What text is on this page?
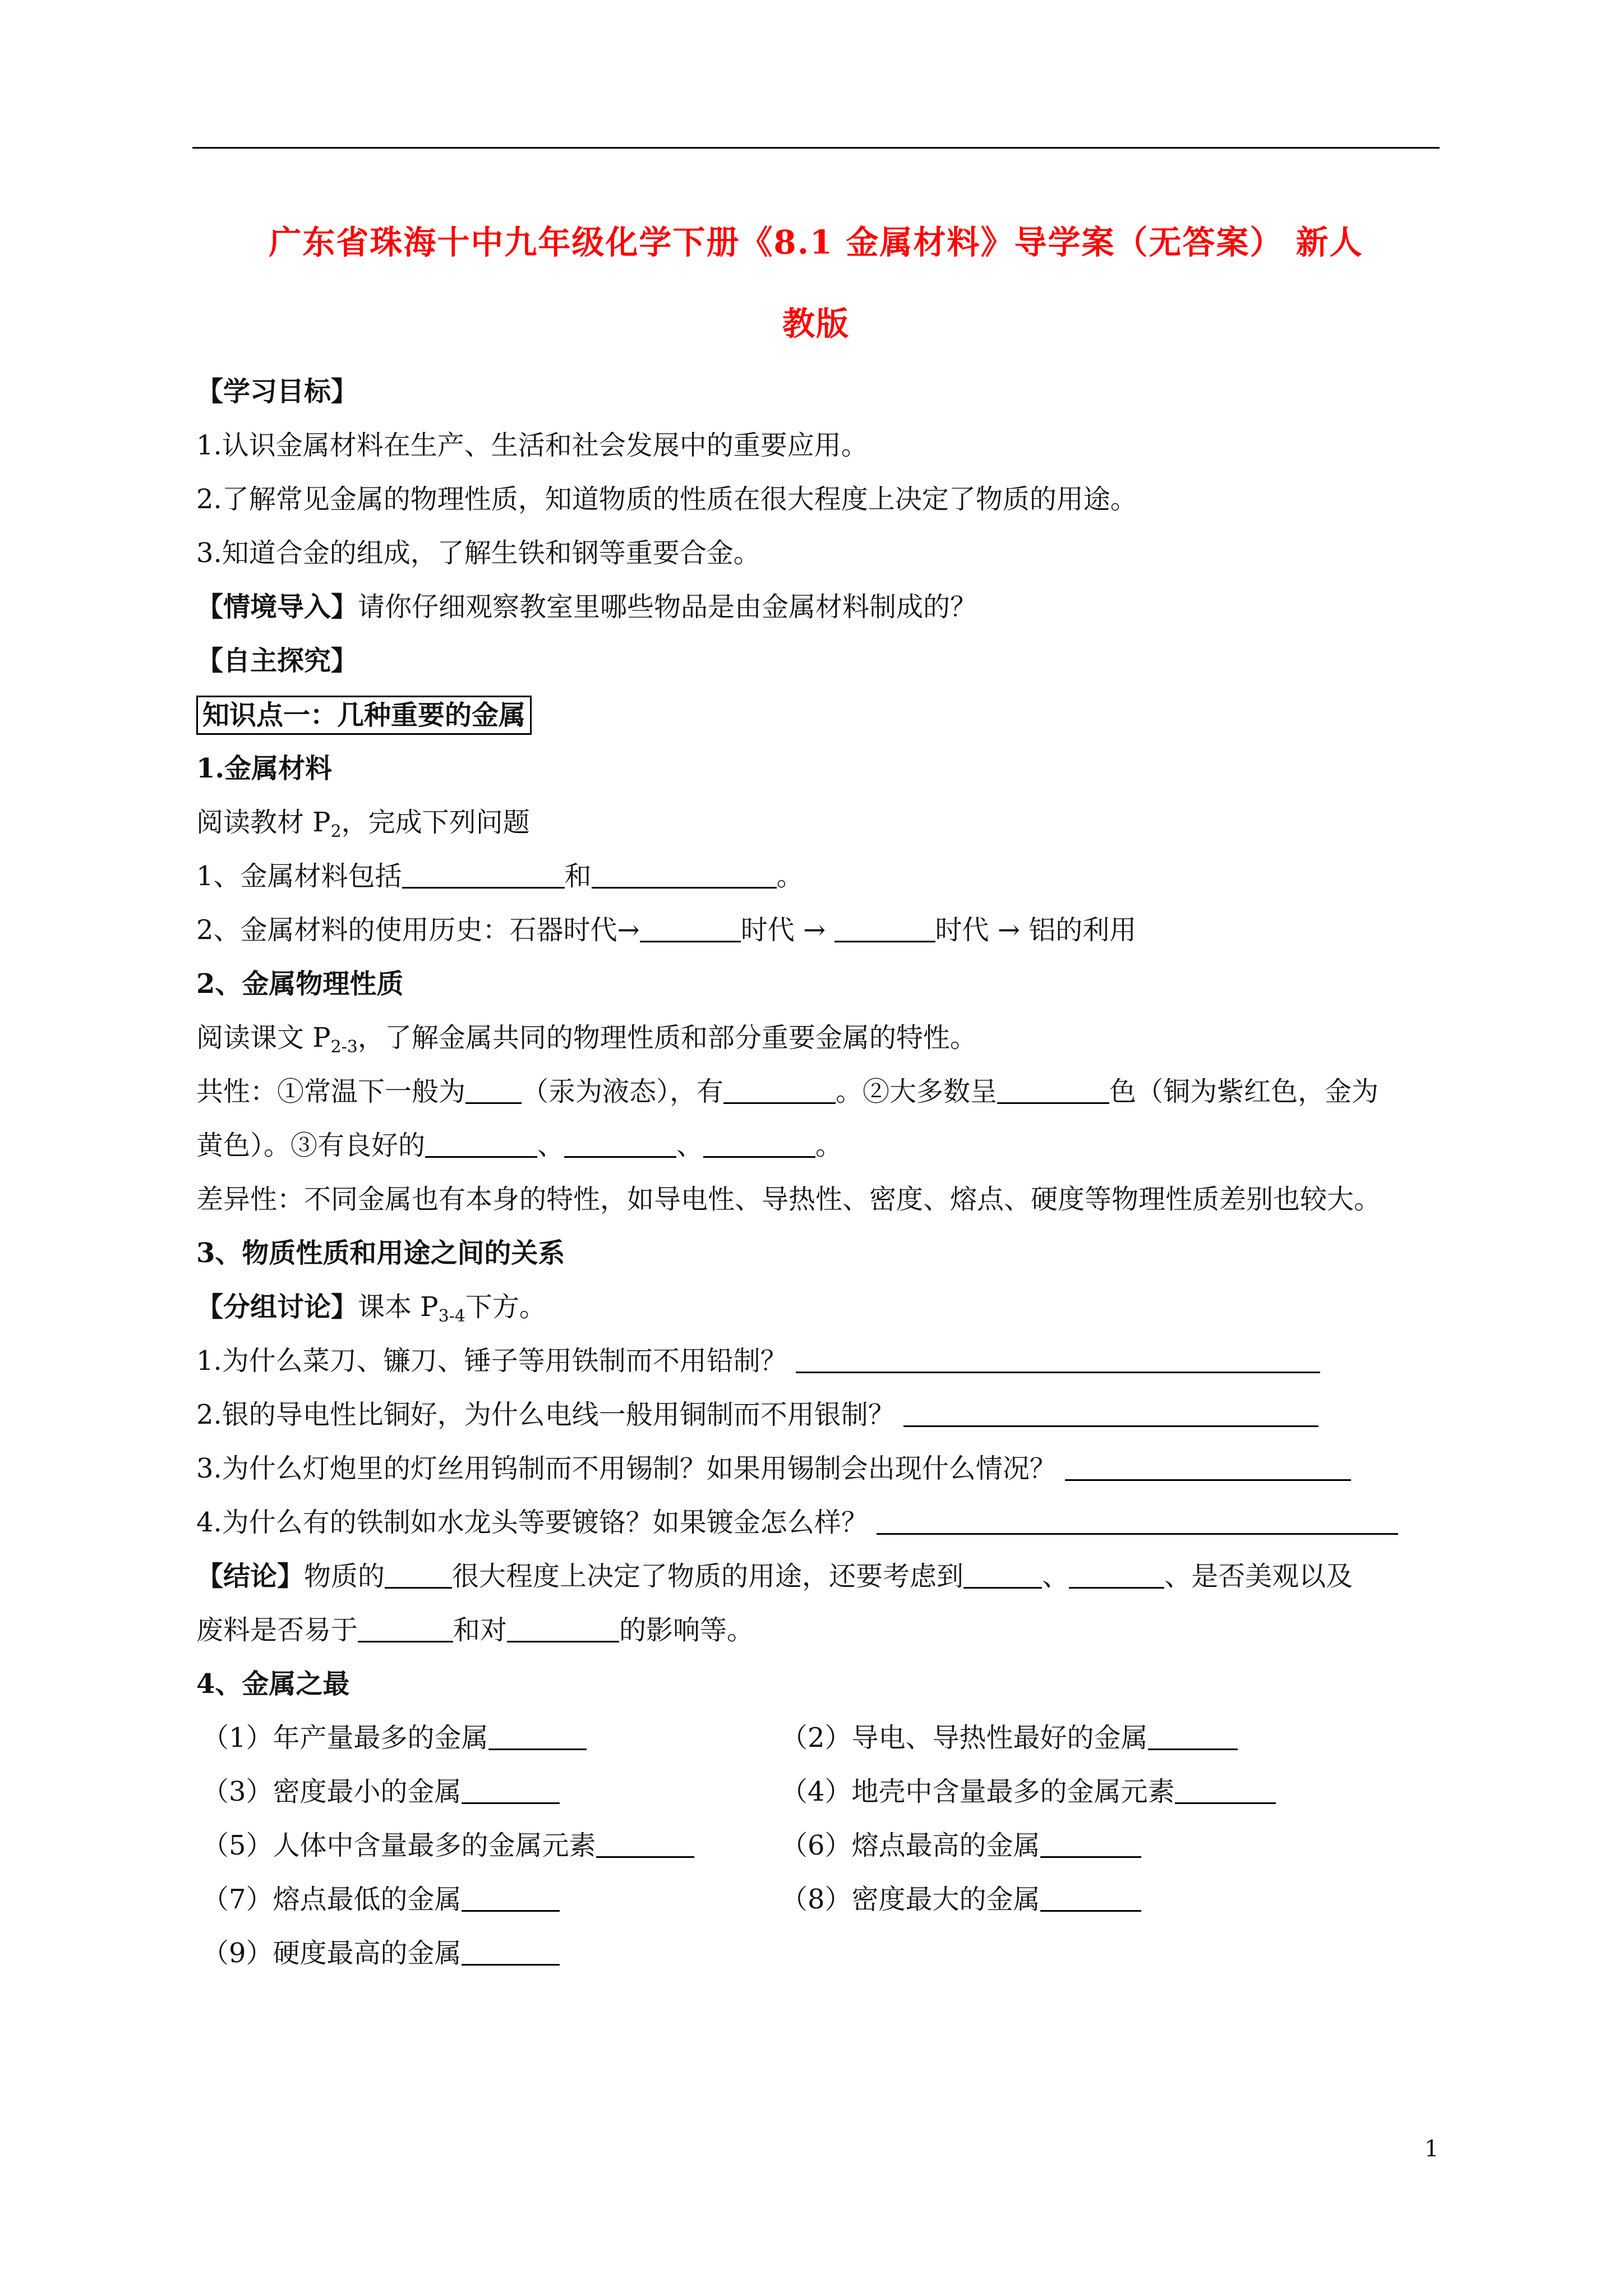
广东省珠海十中九年级化学下册《8.1 金属材料》导学案（无答案） 新人
教版
【学习目标】
1.认识金属材料在生产、生活和社会发展中的重要应用。
2.了解常见金属的物理性质，知道物质的性质在很大程度上决定了物质的用途。
3.知道合金的组成，了解生铁和钢等重要合金。
【情境导入】请你仔细观察教室里哪些物品是由金属材料制成的？
【自主探究】
知识点一：几种重要的金属
1.金属材料
阅读教材 $P_2$，完成下列问题
1、金属材料包括	和	。
2、金属材料的使用历史：石器时代→	时代 →	时代 → 铝的利用
2、金属物理性质
阅读课文 $P_{2-3}$，了解金属共同的物理性质和部分重要金属的特性。
共性：①常温下一般为 （汞为液态），有	。②大多数呈	色（铜为紫红色，金为
黄色）。③有良好的	、	、	。
差异性：不同金属也有本身的特性，如导电性、导热性、密度、熔点、硬度等物理性质差别也较大。
3、物质性质和用途之间的关系
【分组讨论】课本 $P_{3-4}$下方。
1.为什么菜刀、镰刀、锤子等用铁制而不用铅制？
2.银的导电性比铜好，为什么电线一般用铜制而不用银制？
3.为什么灯炮里的灯丝用钨制而不用锡制？如果用锡制会出现什么情况？
4.为什么有的铁制如水龙头等要镀铬？如果镀金怎么样？
【结论】物质的	很大程度上决定了物质的用途，还要考虑到	、	、是否美观以及
废料是否易于	和对	的影响等。
4、金属之最
（1）年产量最多的金属	（2）导电、导热性最好的金属
（3）密度最小的金属	（4）地壳中含量最多的金属元素
（5）人体中含量最多的金属元素	（6）熔点最高的金属
（7）熔点最低的金属	（8）密度最大的金属
（9）硬度最高的金属
1
